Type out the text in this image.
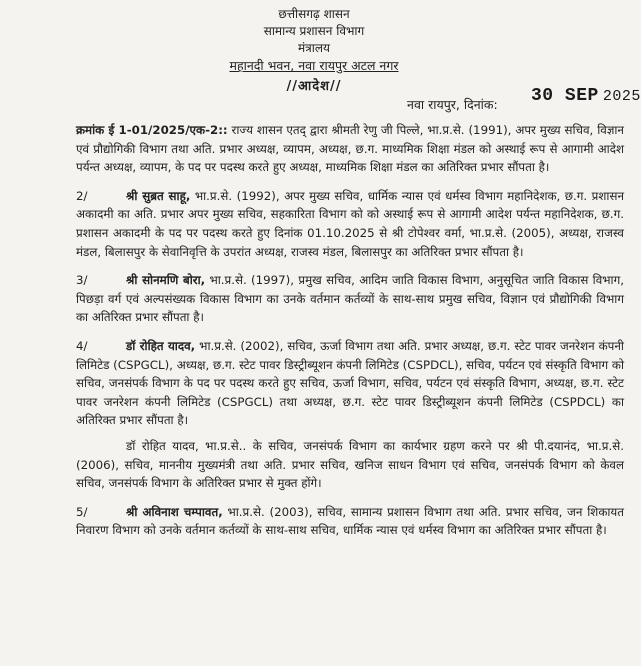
छत्तीसगढ़ शासन
सामान्य प्रशासन विभाग
मंत्रालय
महानदी भवन, नवा रायपुर अटल नगर
//आदेश//
नवा रायपुर, दिनांक: 30 SEP 2025

क्रमांक ई 1-01/2025/एक-2:: राज्य शासन एतद् द्वारा श्रीमती रेणु जी पिल्ले, भा.प्र.से. (1991), अपर मुख्य सचिव, विज्ञान एवं प्रौद्योगिकी विभाग तथा अति. प्रभार अध्यक्ष, व्यापम, अध्यक्ष, छ.ग. माध्यमिक शिक्षा मंडल को अस्थाई रूप से आगामी आदेश पर्यन्त अध्यक्ष, व्यापम, के पद पर पदस्थ करते हुए अध्यक्ष, माध्यमिक शिक्षा मंडल का अतिरिक्त प्रभार सौंपता है।

2/	श्री सुब्रत साहू, भा.प्र.से. (1992), अपर मुख्य सचिव, धार्मिक न्यास एवं धर्मस्व विभाग महानिदेशक, छ.ग. प्रशासन अकादमी का अति. प्रभार अपर मुख्य सचिव, सहकारिता विभाग को को अस्थाई रूप से आगामी आदेश पर्यन्त महानिदेशक, छ.ग. प्रशासन अकादमी के पद पर पदस्थ करते हुए दिनांक 01.10.2025 से श्री टोपेश्वर वर्मा, भा.प्र.से. (2005), अध्यक्ष, राजस्व मंडल, बिलासपुर के सेवानिवृत्ति के उपरांत अध्यक्ष, राजस्व मंडल, बिलासपुर का अतिरिक्त प्रभार सौंपता है।

3/	श्री सोनमणि बोरा, भा.प्र.से. (1997), प्रमुख सचिव, आदिम जाति विकास विभाग, अनुसूचित जाति विकास विभाग, पिछड़ा वर्ग एवं अल्पसंख्यक विकास विभाग का उनके वर्तमान कर्तव्यों के साथ-साथ प्रमुख सचिव, विज्ञान एवं प्रौद्योगिकी विभाग का अतिरिक्त प्रभार सौंपता है।

4/	डॉ रोहित यादव, भा.प्र.से. (2002), सचिव, ऊर्जा विभाग तथा अति. प्रभार अध्यक्ष, छ.ग. स्टेट पावर जनरेशन कंपनी लिमिटेड (CSPGCL), अध्यक्ष, छ.ग. स्टेट पावर डिस्ट्रीब्यूशन कंपनी लिमिटेड (CSPDCL), सचिव, पर्यटन एवं संस्कृति विभाग को सचिव, जनसंपर्क विभाग के पद पर पदस्थ करते हुए सचिव, ऊर्जा विभाग, सचिव, पर्यटन एवं संस्कृति विभाग, अध्यक्ष, छ.ग. स्टेट पावर जनरेशन कंपनी लिमिटेड (CSPGCL) तथा अध्यक्ष, छ.ग. स्टेट पावर डिस्ट्रीब्यूशन कंपनी लिमिटेड (CSPDCL) का अतिरिक्त प्रभार सौंपता है।

डॉ रोहित यादव, भा.प्र.से.. के सचिव, जनसंपर्क विभाग का कार्यभार ग्रहण करने पर श्री पी.दयानंद, भा.प्र.से. (2006), सचिव, माननीय मुख्यमंत्री तथा अति. प्रभार सचिव, खनिज साधन विभाग एवं सचिव, जनसंपर्क विभाग को केवल सचिव, जनसंपर्क विभाग के अतिरिक्त प्रभार से मुक्त होंगे।

5/	श्री अविनाश चम्पावत, भा.प्र.से. (2003), सचिव, सामान्य प्रशासन विभाग तथा अति. प्रभार सचिव, जन शिकायत निवारण विभाग को उनके वर्तमान कर्तव्यों के साथ-साथ सचिव, धार्मिक न्यास एवं धर्मस्व विभाग का अतिरिक्त प्रभार सौंपता है।
